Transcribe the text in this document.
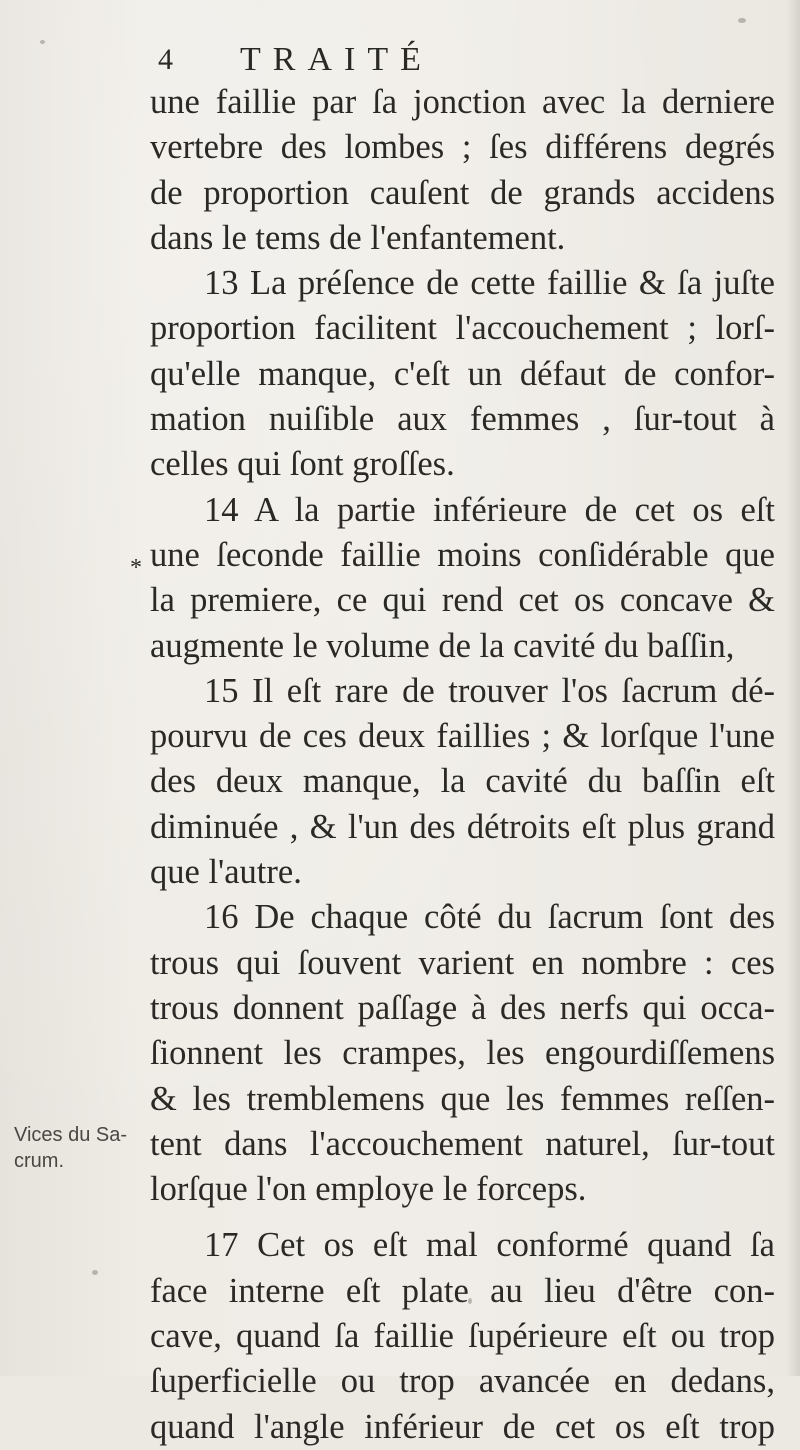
4 TRAITÉ
*
une faillie par ſa jonction avec la derniere
vertebre des lombes ; ſes différens degrés
de proportion cauſent de grands accidens
dans le tems de l'enfantement.
13 La préſence de cette faillie & ſa juſte
proportion facilitent l'accouchement ; lorſ-
qu'elle manque, c'eſt un défaut de confor-
mation nuiſible aux femmes , ſur-tout à
celles qui ſont groſſes.
14 A la partie inférieure de cet os eſt
une ſeconde faillie moins conſidérable que
la premiere, ce qui rend cet os concave &
augmente le volume de la cavité du baſſin,
15 Il eſt rare de trouver l'os ſacrum dé-
pourvu de ces deux faillies ; & lorſque l'une
des deux manque, la cavité du baſſin eſt
diminuée , & l'un des détroits eſt plus grand
que l'autre.
16 De chaque côté du ſacrum ſont des
trous qui ſouvent varient en nombre : ces
trous donnent paſſage à des nerfs qui occa-
ſionnent les crampes, les engourdiſſemens
& les tremblemens que les femmes reſſen-
tent dans l'accouchement naturel, ſur-tout
lorſque l'on employe le forceps.
17 Cet os eſt mal conformé quand ſa
face interne eſt plate au lieu d'être con-
cave, quand ſa faillie ſupérieure eſt ou trop
ſuperficielle ou trop avancée en dedans,
quand l'angle inférieur de cet os eſt trop
Vices du Sa-
crum.
